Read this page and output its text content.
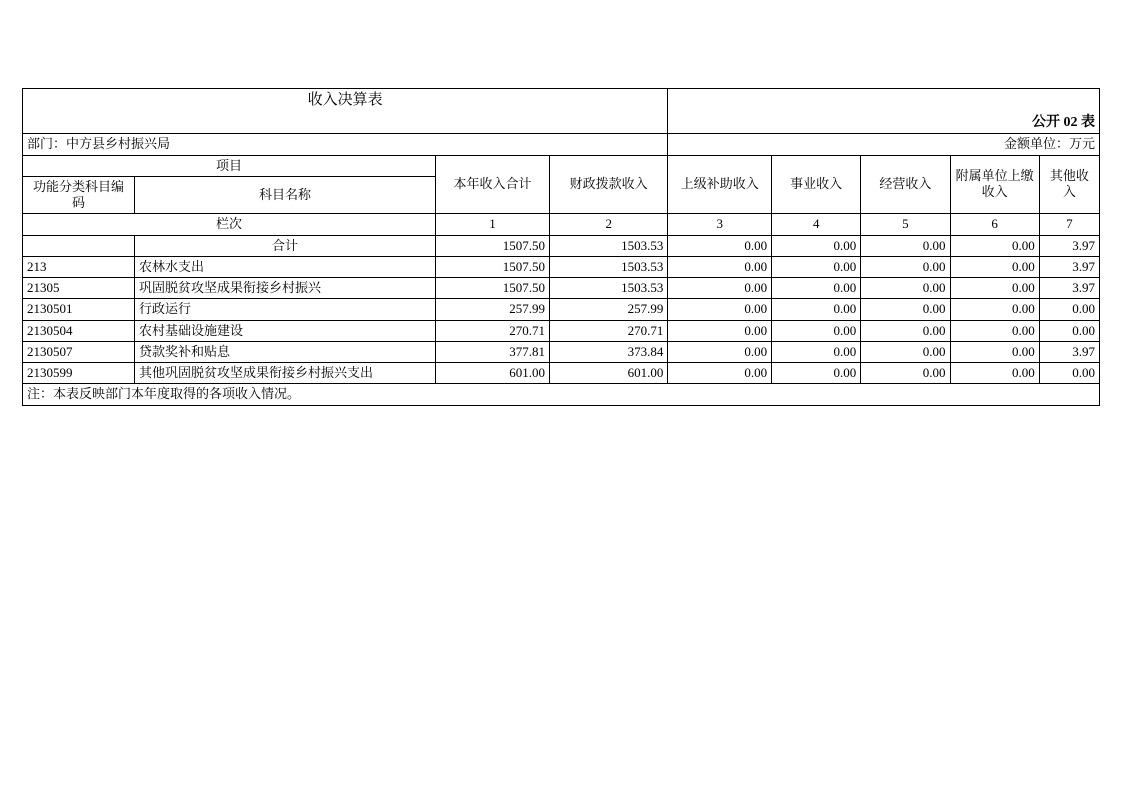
收入决算表								
				公开 02 表				
部门：中方县乡村振兴局				金额单位：万元				
项目		本年收入合计	财政拨款收入	上级补助收入	事业收入	经营收入	附属单位上缴收入	其他收入
功能分类科目编码	科目名称							
栏次		1	2	3	4	5	6	7
	合计	1507.50	1503.53	0.00	0.00	0.00	0.00	3.97
213	农林水支出	1507.50	1503.53	0.00	0.00	0.00	0.00	3.97
21305	巩固脱贫攻坚成果衔接乡村振兴	1507.50	1503.53	0.00	0.00	0.00	0.00	3.97
2130501	行政运行	257.99	257.99	0.00	0.00	0.00	0.00	0.00
2130504	农村基础设施建设	270.71	270.71	0.00	0.00	0.00	0.00	0.00
2130507	贷款奖补和贴息	377.81	373.84	0.00	0.00	0.00	0.00	3.97
2130599	其他巩固脱贫攻坚成果衔接乡村振兴支出	601.00	601.00	0.00	0.00	0.00	0.00	0.00
注：本表反映部门本年度取得的各项收入情况。								
